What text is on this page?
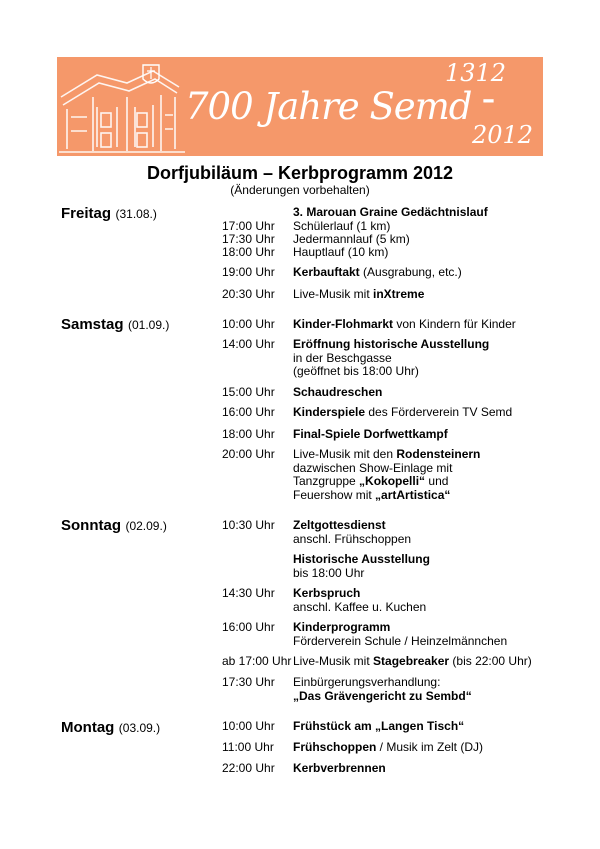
700 Jahre Semd
1312
–
2012
Dorfjubiläum – Kerbprogramm 2012
(Änderungen vorbehalten)
Freitag (31.08.)
Samstag (01.09.)
Sonntag (02.09.)
Montag (03.09.)
3. Marouan Graine Gedächtnislauf
17:00 Uhr Schülerlauf (1 km)
17:30 Uhr Jedermannlauf (5 km)
18:00 Uhr Hauptlauf (10 km)
19:00 Uhr Kerbauftakt (Ausgrabung, etc.)
20:30 Uhr Live-Musik mit inXtreme
10:00 Uhr Kinder-Flohmarkt von Kindern für Kinder
14:00 Uhr Eröffnung historische Ausstellung
in der Beschgasse
(geöffnet bis 18:00 Uhr)
15:00 Uhr Schaudreschen
16:00 Uhr Kinderspiele des Förderverein TV Semd
18:00 Uhr Final-Spiele Dorfwettkampf
20:00 Uhr Live-Musik mit den Rodensteinern
dazwischen Show-Einlage mit
Tanzgruppe „Kokopelli“ und
Feuershow mit „artArtistica“
10:30 Uhr Zeltgottesdienst
anschl. Frühschoppen
Historische Ausstellung
bis 18:00 Uhr
14:30 Uhr Kerbspruch
anschl. Kaffee u. Kuchen
16:00 Uhr Kinderprogramm
Förderverein Schule / Heinzelmännchen
ab 17:00 Uhr Live-Musik mit Stagebreaker (bis 22:00 Uhr)
17:30 Uhr Einbürgerungsverhandlung:
„Das Grävengericht zu Sembd“
10:00 Uhr Frühstück am „Langen Tisch“
11:00 Uhr Frühschoppen / Musik im Zelt (DJ)
22:00 Uhr Kerbverbrennen
